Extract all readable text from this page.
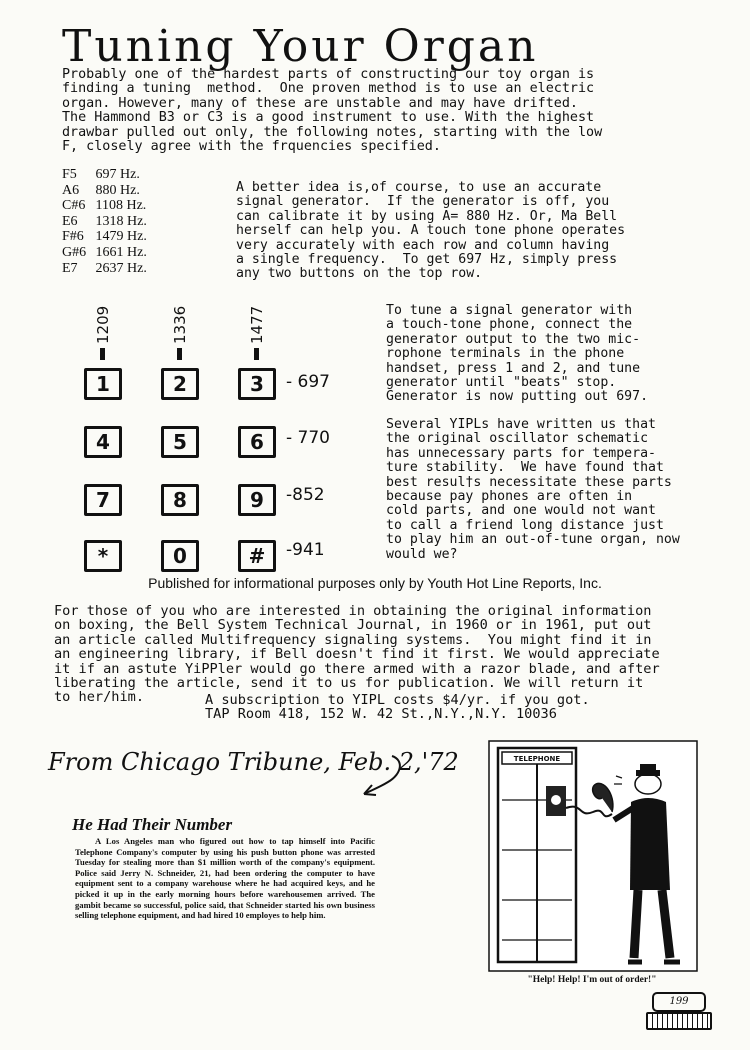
Tuning Your Organ
Probably one of the hardest parts of constructing our toy organ is
finding a tuning  method.  One proven method is to use an electric
organ. However, many of these are unstable and may have drifted.
The Hammond B3 or C3 is a good instrument to use. With the highest
drawbar pulled out only, the following notes, starting with the low
F, closely agree with the frquencies specified.
F5 697 Hz.
A6 880 Hz.
C#6 1108 Hz.
E6 1318 Hz.
F#6 1479 Hz.
G#6 1661 Hz.
E7 2637 Hz.
A better idea is,of course, to use an accurate
signal generator.  If the generator is off, you
can calibrate it by using A= 880 Hz. Or, Ma Bell
herself can help you. A touch tone phone operates
very accurately with each row and column having
a single frequency.  To get 697 Hz, simply press
any two buttons on the top row.
1209	1336	1477
1	2	3	- 697
4	5	6	- 770
7	8	9	-852
*	0	#	-941
To tune a signal generator with
a touch-tone phone, connect the
generator output to the two mic-
rophone terminals in the phone
handset, press 1 and 2, and tune
generator until "beats" stop.
Generator is now putting out 697.
Several YIPLs have written us that
the original oscillator schematic
has unnecessary parts for tempera-
ture stability.  We have found that
best resul†s necessitate these parts
because pay phones are often in
cold parts, and one would not want
to call a friend long distance just
to play him an out-of-tune organ, now
would we?
Published for informational purposes only by Youth Hot Line Reports, Inc.
For those of you who are interested in obtaining the original information
on boxing, the Bell System Technical Journal, in 1960 or in 1961, put out
an article called Multifrequency signaling systems.  You might find it in
an engineering library, if Bell doesn't find it first. We would appreciate
it if an astute YiPPler would go there armed with a razor blade, and after
liberating the article, send it to us for publication. We will return it
to her/him.	A subscription to YIPL costs $4/yr. if you got.
TAP Room 418, 152 W. 42 St.,N.Y.,N.Y. 10036
From Chicago Tribune, Feb. 2,'72
He Had Their Number
A Los Angeles man who figured out how to tap himself into Pacific Telephone Company's computer by using his push button phone was arrested Tuesday for stealing more than $1 million worth of the company's equipment. Police said Jerry N. Schneider, 21, had been ordering the computer to have equipment sent to a company warehouse where he had acquired keys, and he picked it up in the early morning hours before warehousemen arrived. The gambit became so successful, police said, that Schneider started his own business selling telephone equipment, and had hired 10 employes to help him.
TELEPHONE
"Help! Help! I'm out of order!"
199
